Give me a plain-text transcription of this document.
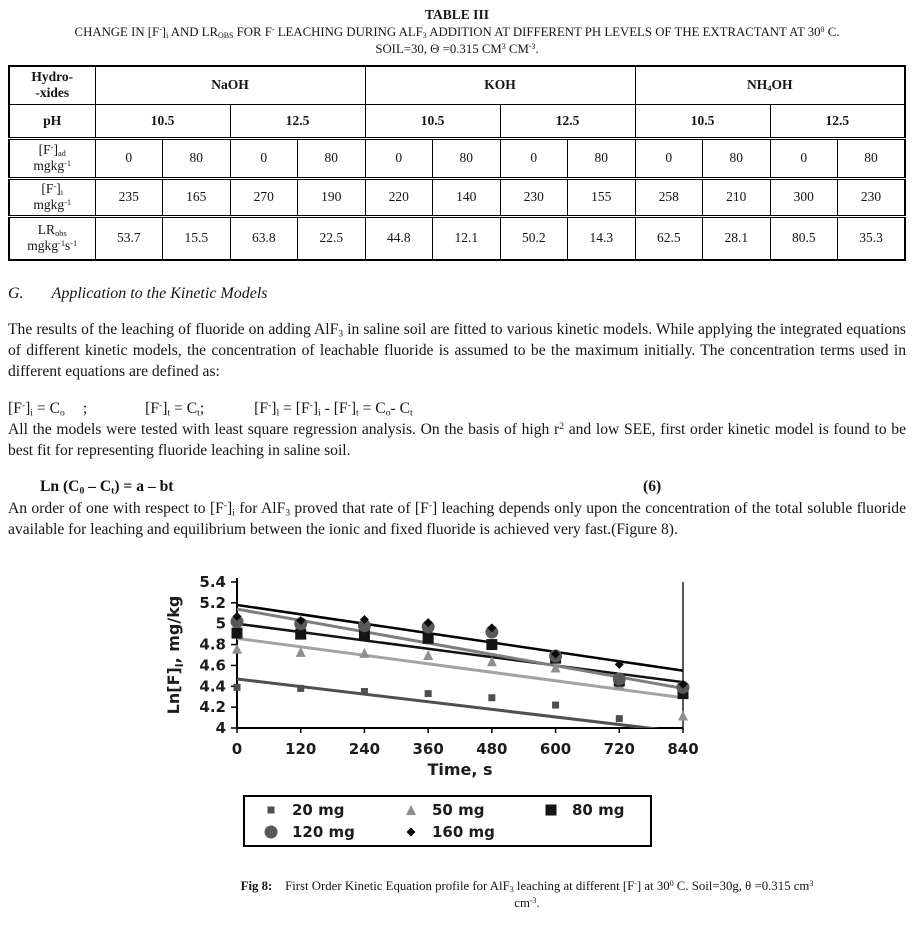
TABLE III
CHANGE IN $[F^-]_i$ AND $LR_{OBS}$ FOR F- LEACHING DURING $ALF_3$ ADDITION AT DIFFERENT PH LEVELS OF THE EXTRACTANT AT $30^0$ C.
SOIL=30, Θ =0.315 $CM^3$ $CM^{-3}$.
Hydro-
-xides	NaOH				KOH				$NH_4OH$			
pH	10.5		12.5		10.5		12.5		10.5		12.5	
$[F^-]_{ad}$
mgkg$^{-1}$	0	80	0	80	0	80	0	80	0	80	0	80
$[F^-]_i$
mgkg$^{-1}$	235	165	270	190	220	140	230	155	258	210	300	230
$LR_{obs}$
$mgkg^{-1}s^{-1}$	53.7	15.5	63.8	22.5	44.8	12.1	50.2	14.3	62.5	28.1	80.5	35.3
G. Application to the Kinetic Models

The results of the leaching of fluoride on adding AlF$_3$ in saline soil are fitted to various kinetic models. While applying the integrated equations of different kinetic models, the concentration of leachable fluoride is assumed to be the maximum initially. The concentration terms used in different equations are defined as:

$[F^-]_i = C_o$ ;	$[F^-]_t = C_t$;	$[F^-]_l = [F^-]_i - [F^-]_t = C_o-$ $C_t$

All the models were tested with least square regression analysis. On the basis of high $r^2$ and low SEE, first order kinetic model is found to be best fit for representing fluoride leaching in saline soil.

Ln $(C_0 - C_t) = a$ – bt	(6)

An order of one with respect to $[F^-]_i$ for AlF$_3$ proved that rate of [F-] leaching depends only upon the concentration of the total soluble fluoride available for leaching and equilibrium between the ionic and fixed fluoride is achieved very fast.(Figure 8).

5.4
5.2
5
4.8
4.6
4.4
4.2
4
0	120 240 360 480 600 720 840
Time, s
$Ln[F]_l$, mg/kg
20 mg	50 mg	80 mg
120 mg	160 mg
Fig 8:    First Order Kinetic Equation profile for AlF$_3$ leaching at different [F-] at $30^0$ C. Soil=30g, θ =0.315 $cm^3$
$cm^{-3}$.
